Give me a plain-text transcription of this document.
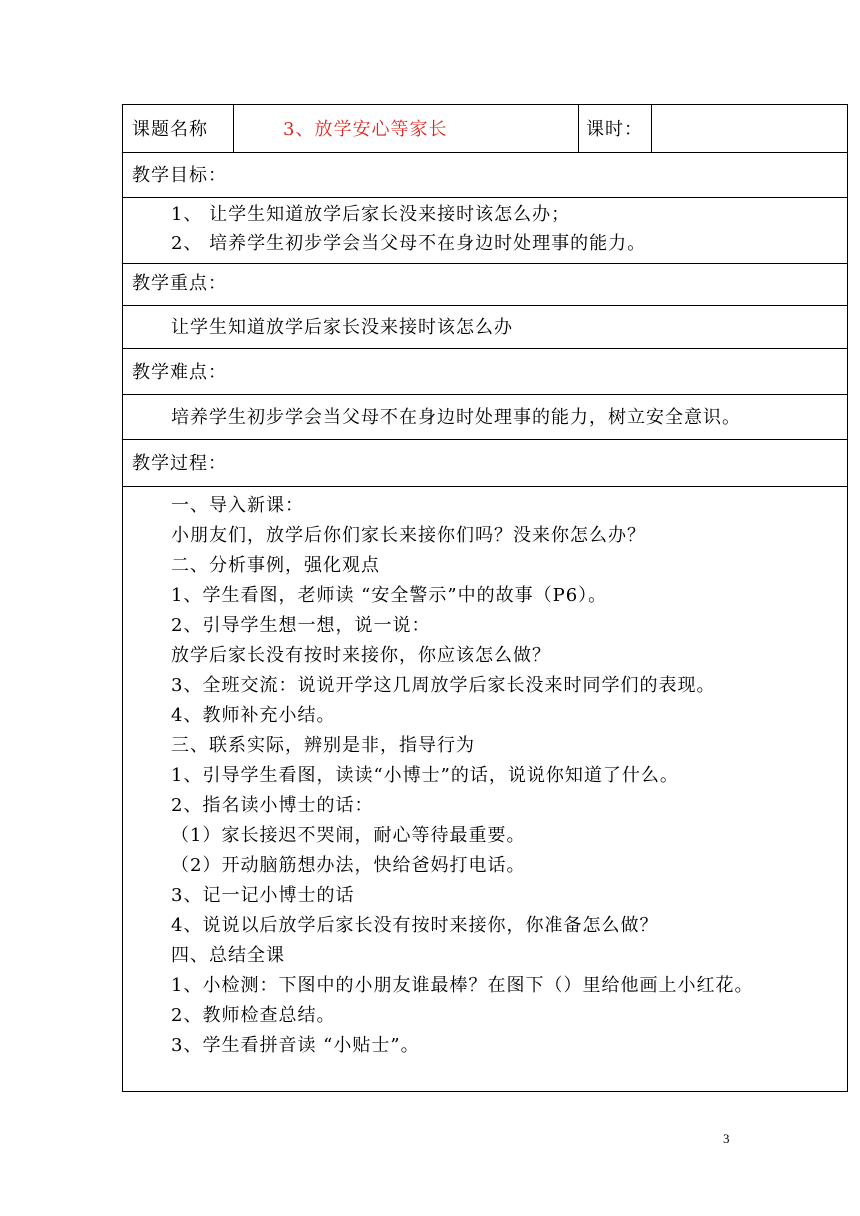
课题名称	3、放学安心等家长	课时：
教学目标：
1、 让学生知道放学后家长没来接时该怎么办；
2、 培养学生初步学会当父母不在身边时处理事的能力。
教学重点：
让学生知道放学后家长没来接时该怎么办
教学难点：
培养学生初步学会当父母不在身边时处理事的能力，树立安全意识。
教学过程：
一、导入新课：
小朋友们，放学后你们家长来接你们吗？没来你怎么办？
二、分析事例，强化观点
1、学生看图，老师读 “安全警示”中的故事（P6）。
2、引导学生想一想，说一说：
放学后家长没有按时来接你，你应该怎么做？
3、全班交流：说说开学这几周放学后家长没来时同学们的表现。
4、教师补充小结。
三、联系实际，辨别是非，指导行为
1、引导学生看图，读读“小博士”的话，说说你知道了什么。
2、指名读小博士的话：
（1）家长接迟不哭闹，耐心等待最重要。
（2）开动脑筋想办法，快给爸妈打电话。
3、记一记小博士的话
4、说说以后放学后家长没有按时来接你，你准备怎么做？
四、总结全课
1、小检测：下图中的小朋友谁最棒？在图下（）里给他画上小红花。
2、教师检查总结。
3、学生看拼音读 “小贴士”。
3
